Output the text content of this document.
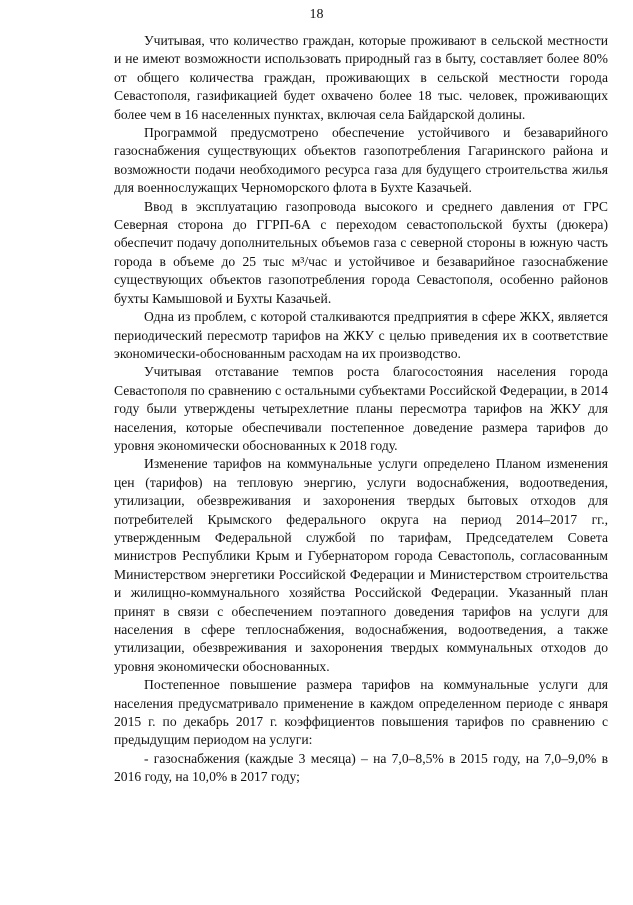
18

Учитывая, что количество граждан, которые проживают в сельской местности и не имеют возможности использовать природный газ в быту, составляет более 80% от общего количества граждан, проживающих в сельской местности города Севастополя, газификацией будет охвачено более 18 тыс. человек, проживающих более чем в 16 населенных пунктах, включая села Байдарской долины.

Программой предусмотрено обеспечение устойчивого и безаварийного газоснабжения существующих объектов газопотребления Гагаринского района и возможности подачи необходимого ресурса газа для будущего строительства жилья для военнослужащих Черноморского флота в Бухте Казачьей.

Ввод в эксплуатацию газопровода высокого и среднего давления от ГРС Северная сторона до ГГРП-6А с переходом севастопольской бухты (дюкера) обеспечит подачу дополнительных объемов газа с северной стороны в южную часть города в объеме до 25 тыс м³/час и устойчивое и безаварийное газоснабжение существующих объектов газопотребления города Севастополя, особенно районов бухты Камышовой и Бухты Казачьей.

Одна из проблем, с которой сталкиваются предприятия в сфере ЖКХ, является периодический пересмотр тарифов на ЖКУ с целью приведения их в соответствие экономически-обоснованным расходам на их производство.

Учитывая отставание темпов роста благосостояния населения города Севастополя по сравнению с остальными субъектами Российской Федерации, в 2014 году были утверждены четырехлетние планы пересмотра тарифов на ЖКУ для населения, которые обеспечивали постепенное доведение размера тарифов до уровня экономически обоснованных к 2018 году.

Изменение тарифов на коммунальные услуги определено Планом изменения цен (тарифов) на тепловую энергию, услуги водоснабжения, водоотведения, утилизации, обезвреживания и захоронения твердых бытовых отходов для потребителей Крымского федерального округа на период 2014–2017 гг., утвержденным Федеральной службой по тарифам, Председателем Совета министров Республики Крым и Губернатором города Севастополь, согласованным Министерством энергетики Российской Федерации и Министерством строительства и жилищно-коммунального хозяйства Российской Федерации. Указанный план принят в связи с обеспечением поэтапного доведения тарифов на услуги для населения в сфере теплоснабжения, водоснабжения, водоотведения, а также утилизации, обезвреживания и захоронения твердых коммунальных отходов до уровня экономически обоснованных.

Постепенное повышение размера тарифов на коммунальные услуги для населения предусматривало применение в каждом определенном периоде с января 2015 г. по декабрь 2017 г. коэффициентов повышения тарифов по сравнению с предыдущим периодом на услуги:

- газоснабжения (каждые 3 месяца) – на 7,0–8,5% в 2015 году, на 7,0–9,0% в 2016 году, на 10,0% в 2017 году;
